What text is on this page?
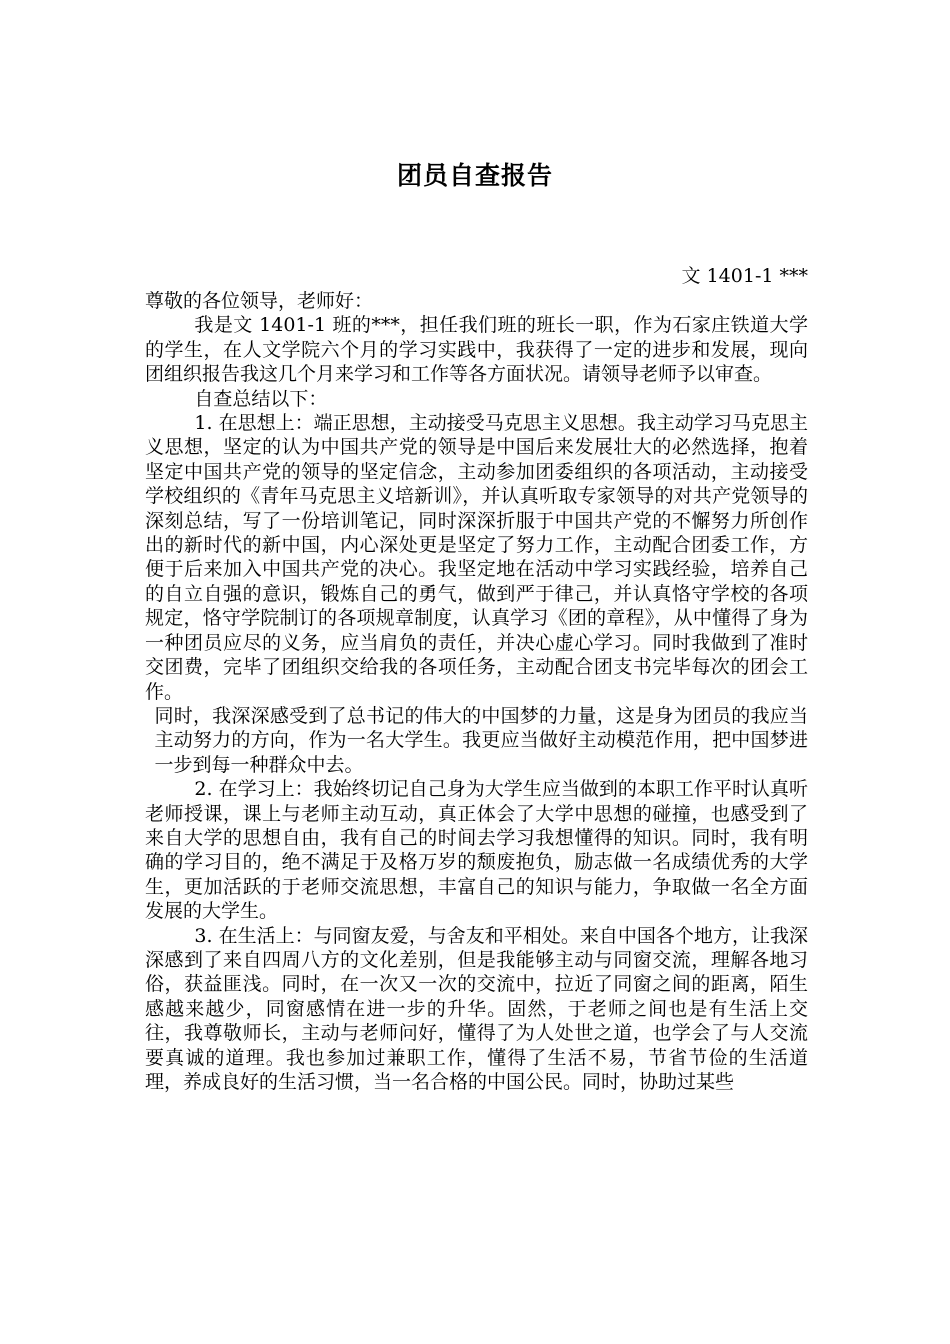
团员自查报告
文 1401-1 ***

尊敬的各位领导，老师好：

我是文 1401-1 班的***，担任我们班的班长一职，作为石家庄铁道大学的学生，在人文学院六个月的学习实践中，我获得了一定的进步和发展，现向团组织报告我这几个月来学习和工作等各方面状况。请领导老师予以审查。

自查总结以下：

1. 在思想上：端正思想，主动接受马克思主义思想。我主动学习马克思主义思想，坚定的认为中国共产党的领导是中国后来发展壮大的必然选择，抱着坚定中国共产党的领导的坚定信念，主动参加团委组织的各项活动，主动接受学校组织的《青年马克思主义培新训》，并认真听取专家领导的对共产党领导的深刻总结，写了一份培训笔记，同时深深折服于中国共产党的不懈努力所创作出的新时代的新中国，内心深处更是坚定了努力工作，主动配合团委工作，方便于后来加入中国共产党的决心。我坚定地在活动中学习实践经验，培养自己的自立自强的意识，锻炼自己的勇气，做到严于律己，并认真恪守学校的各项规定，恪守学院制订的各项规章制度，认真学习《团的章程》，从中懂得了身为一种团员应尽的义务，应当肩负的责任，并决心虚心学习。同时我做到了准时交团费，完毕了团组织交给我的各项任务，主动配合团支书完毕每次的团会工作。

同时，我深深感受到了总书记的伟大的中国梦的力量，这是身为团员的我应当主动努力的方向，作为一名大学生。我更应当做好主动模范作用，把中国梦进一步到每一种群众中去。

2. 在学习上：我始终切记自己身为大学生应当做到的本职工作平时认真听老师授课，课上与老师主动互动，真正体会了大学中思想的碰撞，也感受到了来自大学的思想自由，我有自己的时间去学习我想懂得的知识。同时，我有明确的学习目的，绝不满足于及格万岁的颓废抱负，励志做一名成绩优秀的大学生，更加活跃的于老师交流思想，丰富自己的知识与能力，争取做一名全方面发展的大学生。

3. 在生活上：与同窗友爱，与舍友和平相处。来自中国各个地方，让我深深感到了来自四周八方的文化差别，但是我能够主动与同窗交流，理解各地习俗，获益匪浅。同时，在一次又一次的交流中，拉近了同窗之间的距离，陌生感越来越少，同窗感情在进一步的升华。固然，于老师之间也是有生活上交往，我尊敬师长，主动与老师问好，懂得了为人处世之道，也学会了与人交流要真诚的道理。我也参加过兼职工作，懂得了生活不易，节省节俭的生活道理，养成良好的生活习惯，当一名合格的中国公民。同时，协助过某些
